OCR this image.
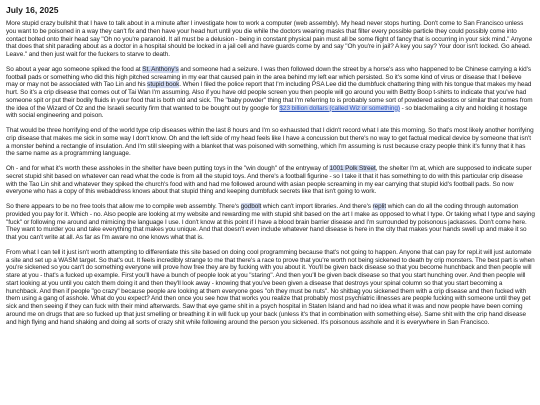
July 16, 2025

More stupid crazy bullshit that I have to talk about in a minute after I investigate how to work a computer (web assembly). My head never stops hurting. Don't come to San Francisco unless you want to be poisoned in a way they can't fix and then have your head hurt until you die while the doctors wearing masks that filter every possible particle they could possibly come into contact bolted onto their head say "Oh no you're paranoid. It all must be a delusion - being in constant physical pain must all be some flight of fancy that is occurring in your sick mind." Anyone that does that shit parading about as a doctor in a hospital should be locked in a jail cell and have guards come by and say "Oh you're in jail? A key you say? Your door isn't locked. Go ahead. Leave." and then just wait for the fuckers to starve to death.

So about a year ago someone spiked the food at St. Anthony's and someone had a seizure. I was then followed down the street by a horse's ass who happened to be Chinese carrying a kid's football pads or something who did this high pitched screaming in my ear that caused pain in the area behind my left ear which persisted. So it's some kind of virus or disease that I believe may or may not be associated with Tao Lin and his stupid book. When I filed the police report that I'm including PSA Lee did the dumbfuck chattering thing with his tongue that makes my head hurt. So it's a crip disease that comes out of Tai Wan I'm assuming. Also if you have old people screen you then people will go around you with Bettty Boop t-shirts to indicate that you've had someone spit or put their bodily fluids in your food that is both old and sick. The "baby powder" thing that I'm referring to is probably some sort of powdered asbestos or similar that comes from the idea of the Wizard of Oz and the Israeli security firm that wanted to be bought out by google for $23 billion dollars (called Wiz or something) - so blackmailing a city and holding it hostage with social engineering and poison.

That would be three horrifying end of the world type crip diseases within the last 8 hours and I'm so exhausted that I didn't record what I ate this morning. So that's most likely another horrifying crip disease that makes me sick in some way I don't know. Oh and the left side of my head feels like I have a concussion but there's no way to get factual medical device by someone that isn't a monster behind a rectangle of insulation. And I'm still sleeping with a blanket that was poisoned with something, which I'm assuming is rust because crazy people think it's funny that it has the same name as a programming language.

Oh - and for what it's worth these assholes in the shelter have been putting toys in the "win dough" of the entryway of 1001 Polk Street, the shelter I'm at, which are supposed to indicate super secret stupid shit based on whatever can read what the code is from all the stupid toys. And there's a football figurine - so I take it that it has something to do with this particular crip disease with the Tao Lin shit and whatever they spiked the church's food with and had me followed around with asian people screaming in my ear carrying that stupid kid's football pads. So now everyone who has a copy of this webaddress knows about that stupid thing and keeping dumbfuck secrets like that isn't going to work.

So there appears to be no free tools that allow me to compile web assembly. There's godbolt which can't import libraries. And there's replit which can do all the coding through automation provided you pay for it. Which - no. Also people are looking at my website and rewarding me with stupid shit based on the art I make as opposed to what I type. Or taking what I type and saying "fuck" or following me around and mimicing the language I use. I don't know at this point if I have a blood brain barrier disease and I'm surrounded by poisonous jackasses. Don't come here. They want to murder you and take everything that makes you unique. And that doesn't even include whatever hand disease is here in the city that makes your hands swell up and make it so that you can't write at all. As far as I'm aware no one knows what that is.

From what I can tell it just isn't worth attempting to differentiate this site based on doing cool programming because that's not going to happen. Anyone that can pay for repl.it will just automate a site and set up a WASM target. So that's out. It feels incredibly strange to me that there's a race to prove that you're worth not being sickened to death by crip monsters. The best part is when you're sickened so you can't do something everyone will prove how free they are by fucking with you about it. You'll be given back disease so that you become hunchback and then people will stare at you - that's a fucked up example. First you'll have a bunch of people look at you "staring". And then you'll be given back disease so that you start hunching over. And then people will start looking at you until you catch them doing it and then they'll look away - knowing that you've been given a disease that destroys your spinal column so that you start becoming a hunchback. And then if people "go crazy" because people are looking at them everyone goes "oh they must be nuts". No shitbag you sickened them with a crip disease and then fucked with them using a gang of asshole. What do you expect? And then once you see how that works you realize that probably most psychiatric illnesses are people fucking with someone until they get sick and then seeing if they can fuck with their mind afterwards. Saw that eye game shit in a psych hospital in Staten Island and had no idea what it was and now people have been coming around me on drugs that are so fucked up that just smelling or breathing it in will fuck up your back (unless it's that in combination with something else). Same shit with the crip hand disease and high flying and hand shaking and doing all sorts of crazy shit while following around the person you sickened. It's poisonous asshole and it is everywhere in San Francisco.
